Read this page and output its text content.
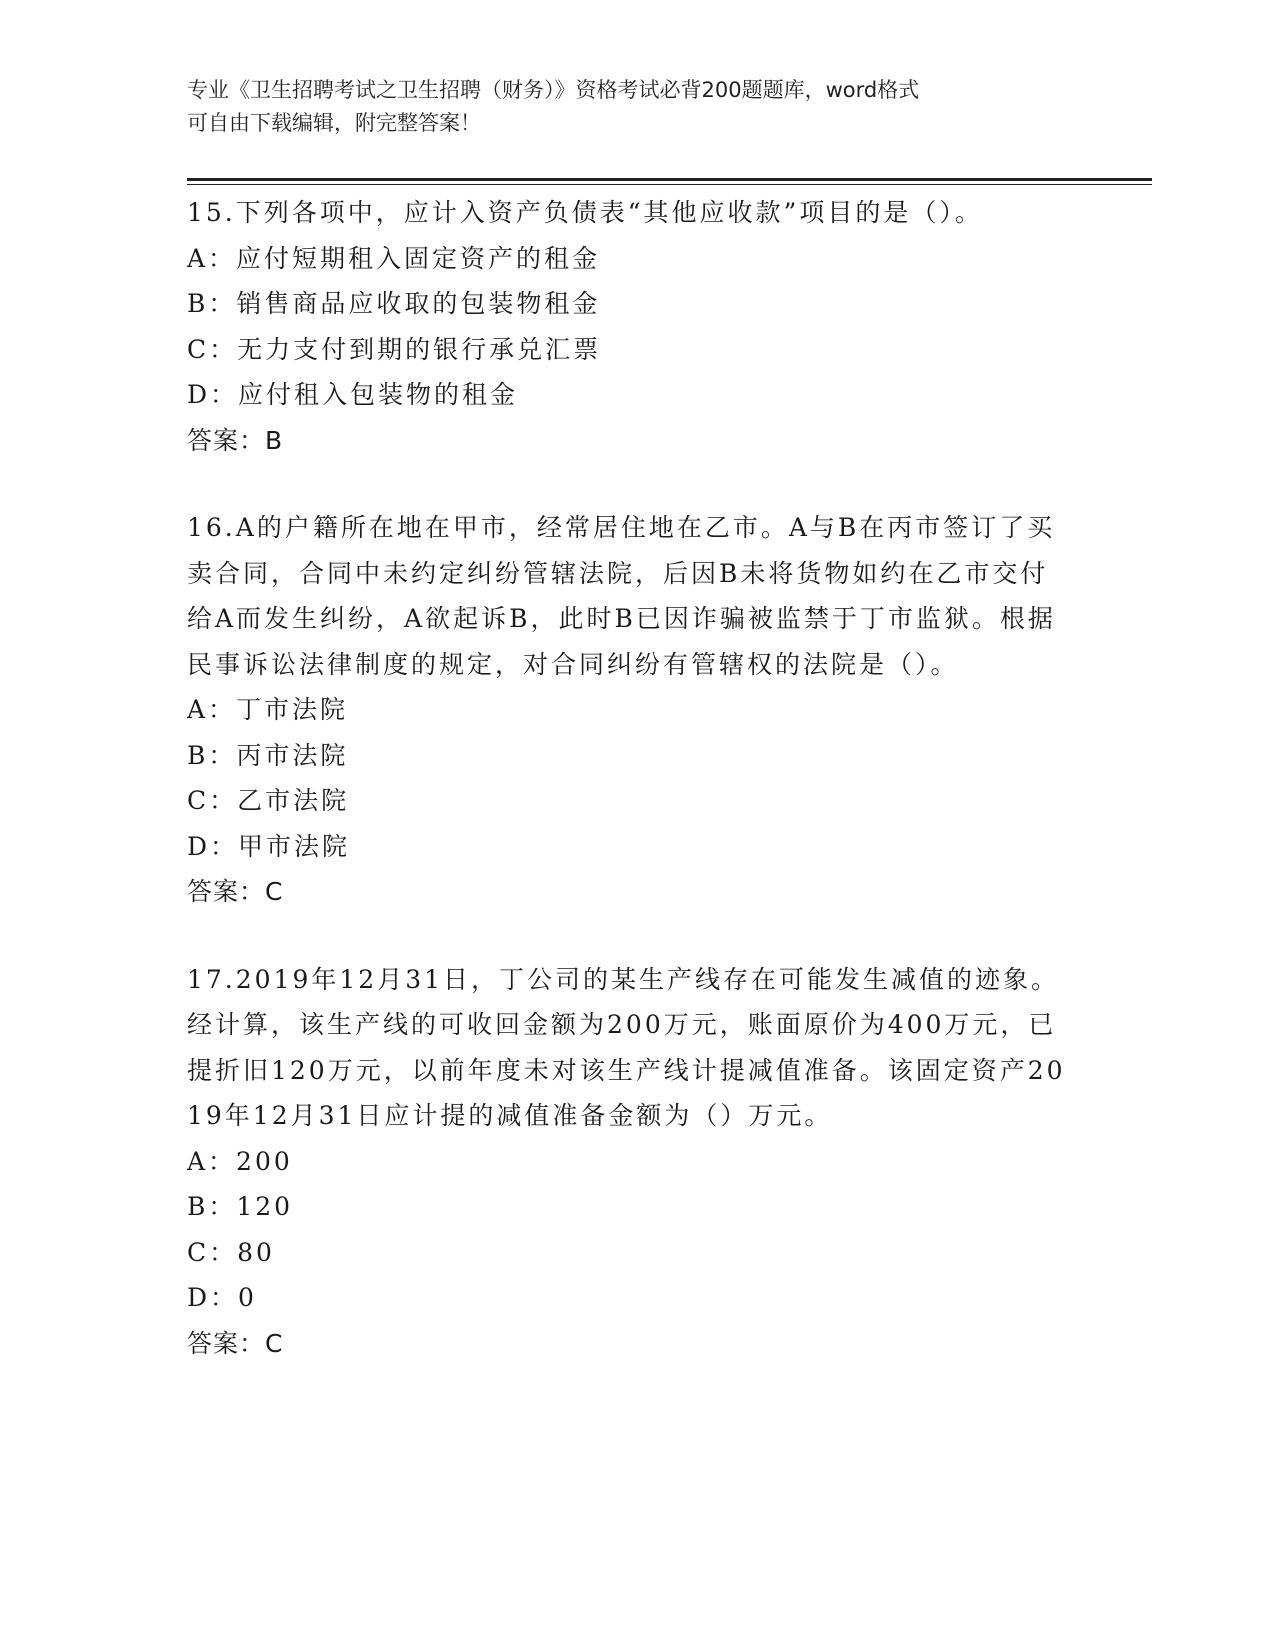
专业《卫生招聘考试之卫生招聘（财务）》资格考试必背200题题库，word格式
可自由下载编辑，附完整答案！
15.下列各项中，应计入资产负债表“其他应收款”项目的是（）。
A：应付短期租入固定资产的租金
B：销售商品应收取的包装物租金
C：无力支付到期的银行承兑汇票
D：应付租入包装物的租金
答案：B
16.A的户籍所在地在甲市，经常居住地在乙市。A与B在丙市签订了买卖合同，合同中未约定纠纷管辖法院，后因B未将货物如约在乙市交付给A而发生纠纷，A欲起诉B，此时B已因诈骗被监禁于丁市监狱。根据民事诉讼法律制度的规定，对合同纠纷有管辖权的法院是（）。
A：丁市法院
B：丙市法院
C：乙市法院
D：甲市法院
答案：C
17.2019年12月31日，丁公司的某生产线存在可能发生减值的迹象。经计算，该生产线的可收回金额为200万元，账面原价为400万元，已提折旧120万元，以前年度未对该生产线计提减值准备。该固定资产2019年12月31日应计提的减值准备金额为（）万元。
A：200
B：120
C：80
D：0
答案：C
